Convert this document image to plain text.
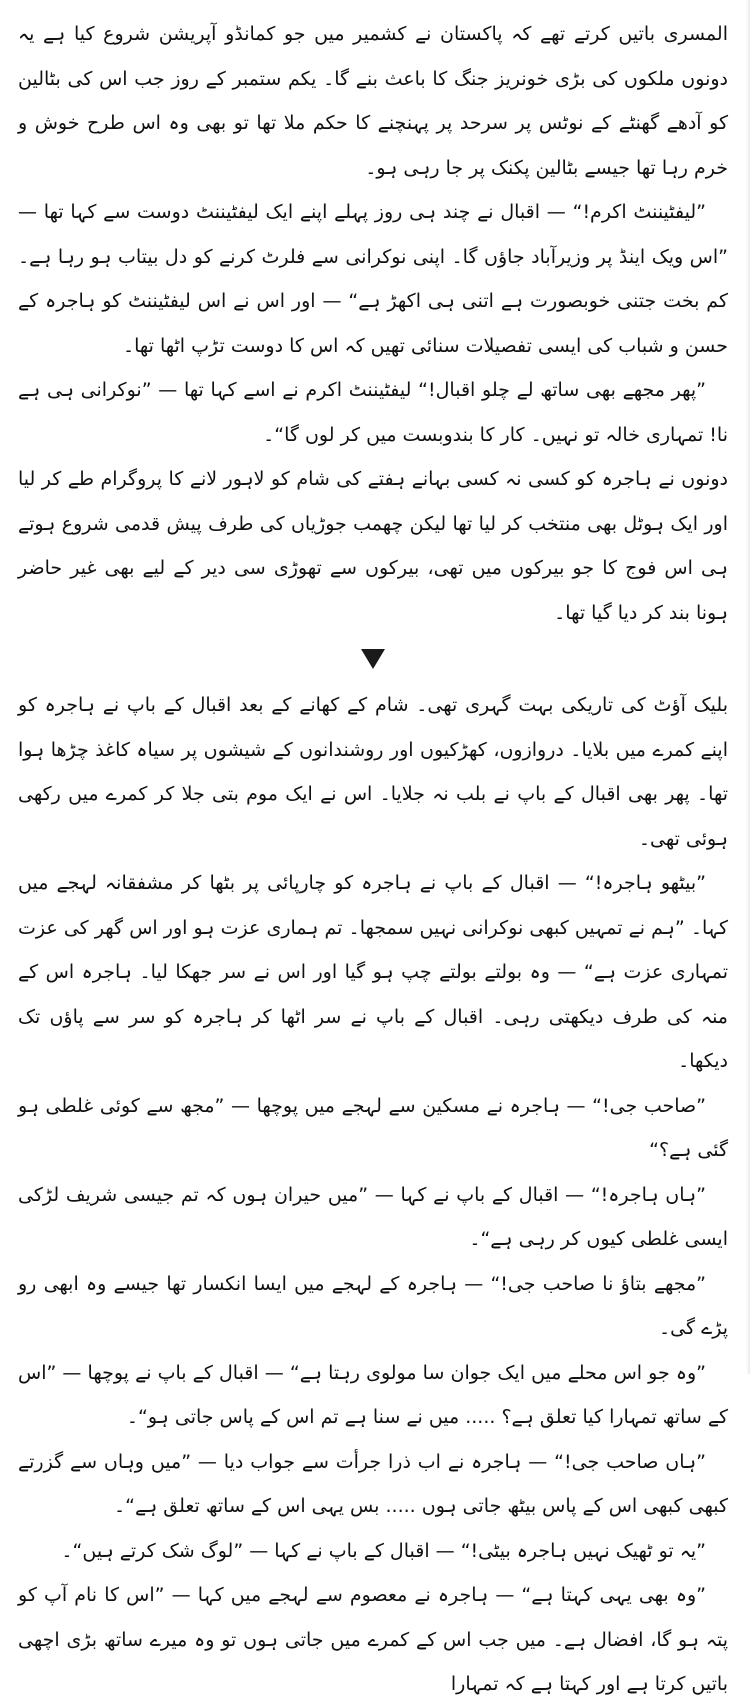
المسری باتیں کرتے تھے کہ پاکستان نے کشمیر میں جو کمانڈو آپریشن شروع کیا ہے یہ دونوں ملکوں کی بڑی خونریز جنگ کا باعث بنے گا۔ یکم ستمبر کے روز جب اس کی بٹالین کو آدھے گھنٹے کے نوٹس پر سرحد پر پہنچنے کا حکم ملا تھا تو بھی وہ اس طرح خوش و خرم رہا تھا جیسے بٹالین پکنک پر جا رہی ہو۔

”لیفٹیننٹ اکرم!“ — اقبال نے چند ہی روز پہلے اپنے ایک لیفٹیننٹ دوست سے کہا تھا — ”اس ویک اینڈ پر وزیرآباد جاؤں گا۔ اپنی نوکرانی سے فلرٹ کرنے کو دل بیتاب ہو رہا ہے۔ کم بخت جتنی خوبصورت ہے اتنی ہی اکھڑ ہے“ — اور اس نے اس لیفٹیننٹ کو ہاجرہ کے حسن و شباب کی ایسی تفصیلات سنائی تھیں کہ اس کا دوست تڑپ اٹھا تھا۔

”پھر مجھے بھی ساتھ لے چلو اقبال!“ لیفٹیننٹ اکرم نے اسے کہا تھا — ”نوکرانی ہی ہے نا! تمہاری خالہ تو نہیں۔ کار کا بندوبست میں کر لوں گا“۔

دونوں نے ہاجرہ کو کسی نہ کسی بہانے ہفتے کی شام کو لاہور لانے کا پروگرام طے کر لیا اور ایک ہوٹل بھی منتخب کر لیا تھا لیکن چھمب جوڑیاں کی طرف پیش قدمی شروع ہوتے ہی اس فوج کا جو بیرکوں میں تھی، بیرکوں سے تھوڑی سی دیر کے لیے بھی غیر حاضر ہونا بند کر دیا گیا تھا۔

بلیک آؤٹ کی تاریکی بہت گہری تھی۔ شام کے کھانے کے بعد اقبال کے باپ نے ہاجرہ کو اپنے کمرے میں بلایا۔ دروازوں، کھڑکیوں اور روشندانوں کے شیشوں پر سیاہ کاغذ چڑھا ہوا تھا۔ پھر بھی اقبال کے باپ نے بلب نہ جلایا۔ اس نے ایک موم بتی جلا کر کمرے میں رکھی ہوئی تھی۔

”بیٹھو ہاجرہ!“ — اقبال کے باپ نے ہاجرہ کو چارپائی پر بٹھا کر مشفقانہ لہجے میں کہا۔ ”ہم نے تمہیں کبھی نوکرانی نہیں سمجھا۔ تم ہماری عزت ہو اور اس گھر کی عزت تمہاری عزت ہے“ — وہ بولتے بولتے چپ ہو گیا اور اس نے سر جھکا لیا۔ ہاجرہ اس کے منہ کی طرف دیکھتی رہی۔ اقبال کے باپ نے سر اٹھا کر ہاجرہ کو سر سے پاؤں تک دیکھا۔

”صاحب جی!“ — ہاجرہ نے مسکین سے لہجے میں پوچھا — ”مجھ سے کوئی غلطی ہو گئی ہے؟“

”ہاں ہاجرہ!“ — اقبال کے باپ نے کہا — ”میں حیران ہوں کہ تم جیسی شریف لڑکی ایسی غلطی کیوں کر رہی ہے“۔

”مجھے بتاؤ نا صاحب جی!“ — ہاجرہ کے لہجے میں ایسا انکسار تھا جیسے وہ ابھی رو پڑے گی۔

”وہ جو اس محلے میں ایک جوان سا مولوی رہتا ہے“ — اقبال کے باپ نے پوچھا — ”اس کے ساتھ تمہارا کیا تعلق ہے؟ ..... میں نے سنا ہے تم اس کے پاس جاتی ہو“۔

”ہاں صاحب جی!“ — ہاجرہ نے اب ذرا جرأت سے جواب دیا — ”میں وہاں سے گزرتے کبھی کبھی اس کے پاس بیٹھ جاتی ہوں ..... بس یہی اس کے ساتھ تعلق ہے“۔

”یہ تو ٹھیک نہیں ہاجرہ بیٹی!“ — اقبال کے باپ نے کہا — ”لوگ شک کرتے ہیں“۔

”وہ بھی یہی کہتا ہے“ — ہاجرہ نے معصوم سے لہجے میں کہا — ”اس کا نام آپ کو پتہ ہو گا، افضال ہے۔ میں جب اس کے کمرے میں جاتی ہوں تو وہ میرے ساتھ بڑی اچھی باتیں کرتا ہے اور کہتا ہے کہ تمہارا
